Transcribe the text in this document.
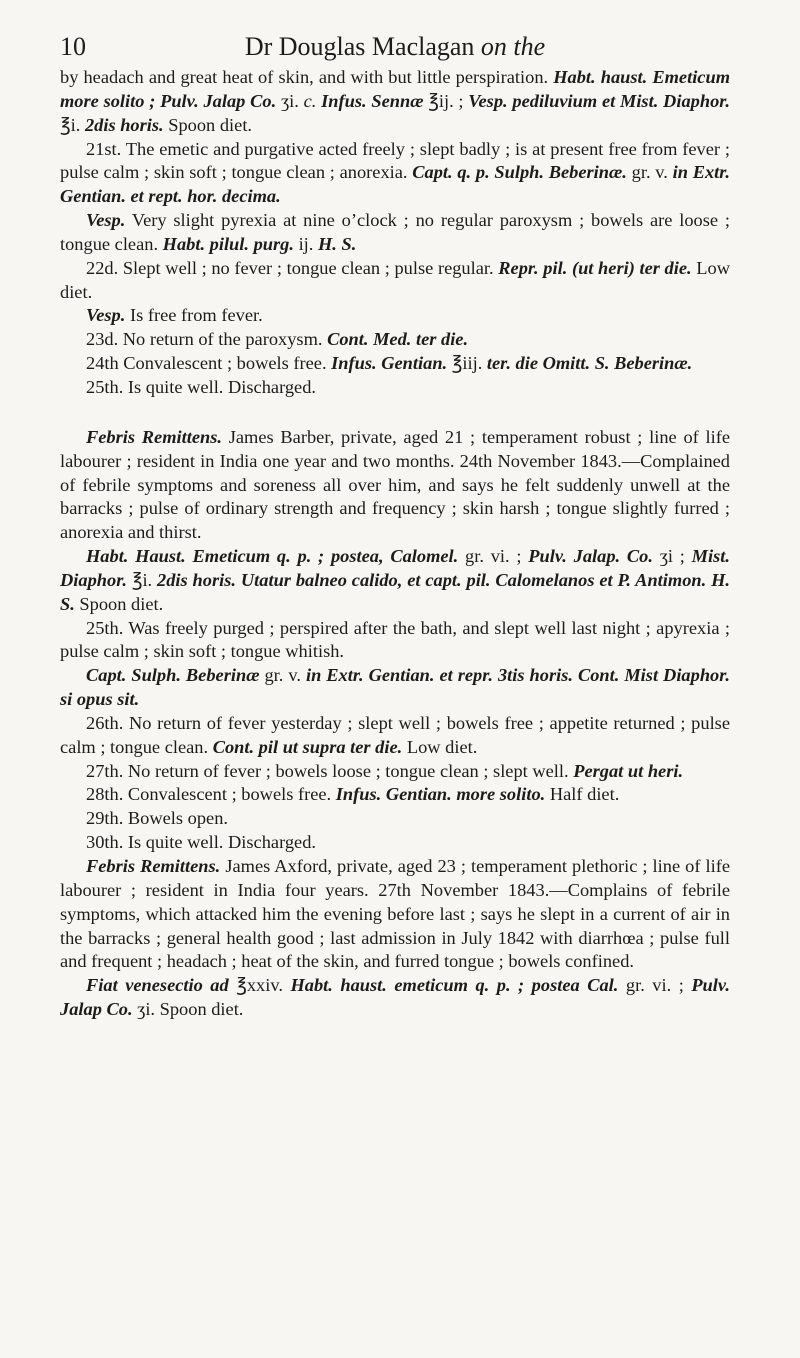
10	Dr Douglas Maclagan on the

by headach and great heat of skin, and with but little perspiration. Habt. haust. Emeticum more solito ; Pulv. Jalap Co. ʒi. c. Infus. Sennæ ℥ij. ; Vesp. pediluvium et Mist. Diaphor. ℥i. 2dis horis. Spoon diet.

21st. The emetic and purgative acted freely ; slept badly ; is at present free from fever ; pulse calm ; skin soft ; tongue clean ; anorexia. Capt. q. p. Sulph. Beberinæ. gr. v. in Extr. Gentian. et rept. hor. decima.

Vesp. Very slight pyrexia at nine o’clock ; no regular paroxysm ; bowels are loose ; tongue clean. Habt. pilul. purg. ij. H. S.

22d. Slept well ; no fever ; tongue clean ; pulse regular. Repr. pil. (ut heri) ter die. Low diet.

Vesp. Is free from fever.

23d. No return of the paroxysm. Cont. Med. ter die.

24th Convalescent ; bowels free. Infus. Gentian. ℥iij. ter. die Omitt. S. Beberinæ.

25th. Is quite well. Discharged.

Febris Remittens. James Barber, private, aged 21 ; temperament robust ; line of life labourer ; resident in India one year and two months. 24th November 1843.—Complained of febrile symptoms and soreness all over him, and says he felt suddenly unwell at the barracks ; pulse of ordinary strength and frequency ; skin harsh ; tongue slightly furred ; anorexia and thirst.

Habt. Haust. Emeticum q. p. ; postea, Calomel. gr. vi. ; Pulv. Jalap. Co. ʒi ; Mist. Diaphor. ℥i. 2dis horis. Utatur balneo calido, et capt. pil. Calomelanos et P. Antimon. H. S. Spoon diet.

25th. Was freely purged ; perspired after the bath, and slept well last night ; apyrexia ; pulse calm ; skin soft ; tongue whitish.

Capt. Sulph. Beberinæ gr. v. in Extr. Gentian. et repr. 3tis horis. Cont. Mist Diaphor. si opus sit.

26th. No return of fever yesterday ; slept well ; bowels free ; appetite returned ; pulse calm ; tongue clean. Cont. pil ut supra ter die. Low diet.

27th. No return of fever ; bowels loose ; tongue clean ; slept well. Pergat ut heri.

28th. Convalescent ; bowels free. Infus. Gentian. more solito. Half diet.

29th. Bowels open.

30th. Is quite well. Discharged.

Febris Remittens. James Axford, private, aged 23 ; temperament plethoric ; line of life labourer ; resident in India four years. 27th November 1843.—Complains of febrile symptoms, which attacked him the evening before last ; says he slept in a current of air in the barracks ; general health good ; last admission in July 1842 with diarrhœa ; pulse full and frequent ; headach ; heat of the skin, and furred tongue ; bowels confined.

Fiat venesectio ad ℥xxiv. Habt. haust. emeticum q. p. ; postea Cal. gr. vi. ; Pulv. Jalap Co. ʒi. Spoon diet.
